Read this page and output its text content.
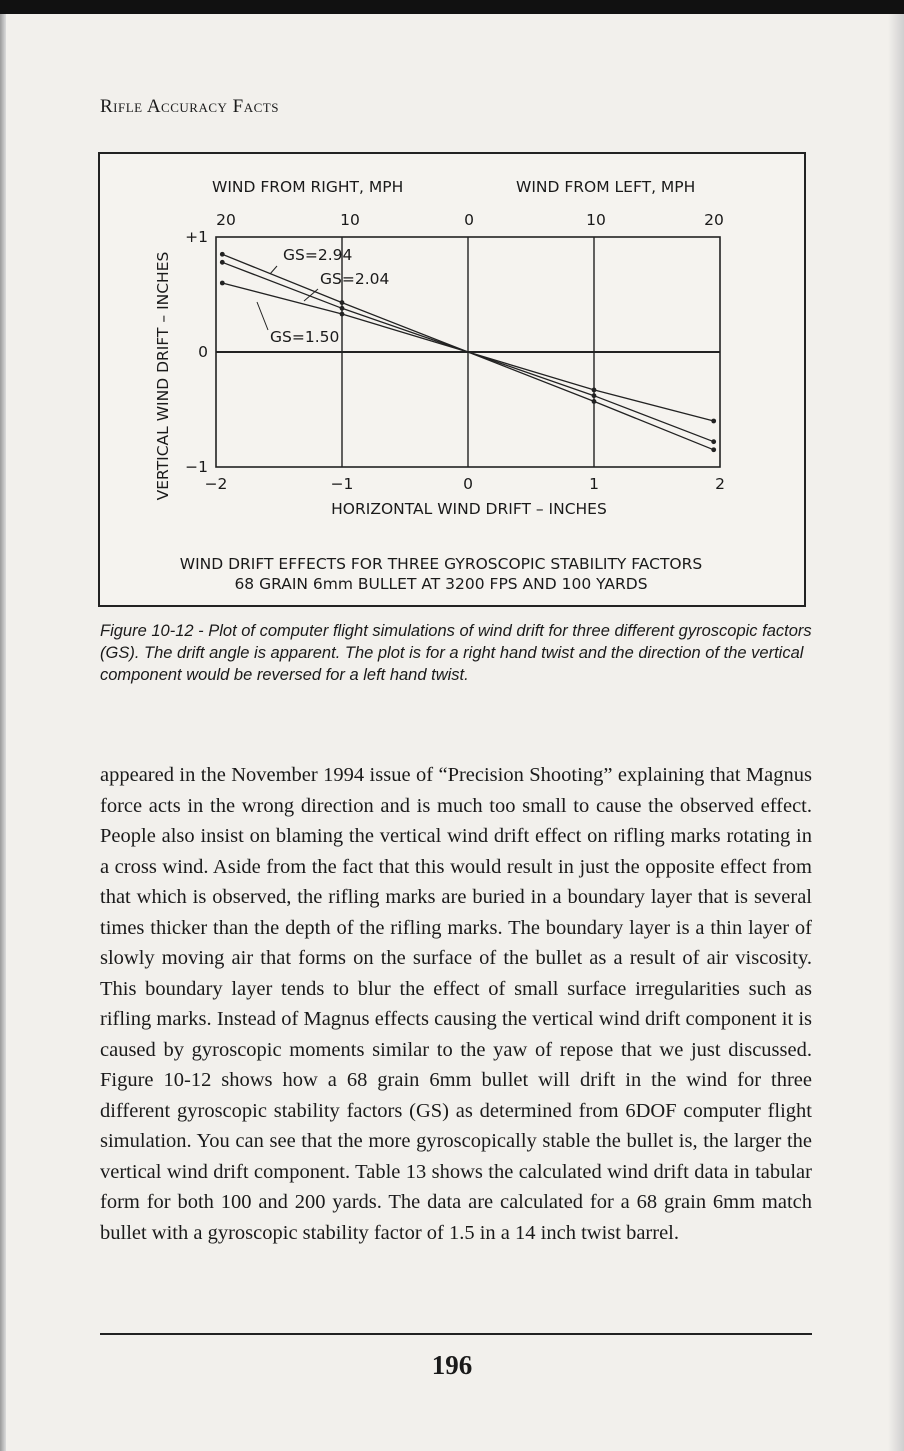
Rifle Accuracy Facts
WIND FROM RIGHT, MPH	WIND FROM LEFT, MPH
20	10	0	10	20
VERTICAL WIND DRIFT – INCHES
+1
0
−1
−2	−1	0	1	2
HORIZONTAL WIND DRIFT – INCHES
WIND DRIFT EFFECTS FOR THREE GYROSCOPIC STABILITY FACTORS
68 GRAIN 6mm BULLET AT 3200 FPS AND 100 YARDS
GS=2.94
GS=2.04
GS=1.50

Figure 10-12 - Plot of computer flight simulations of wind drift for three different gyroscopic factors (GS). The drift angle is apparent. The plot is for a right hand twist and the direction of the vertical component would be reversed for a left hand twist.

appeared in the November 1994 issue of “Precision Shooting” explaining that Magnus force acts in the wrong direction and is much too small to cause the observed effect. People also insist on blaming the vertical wind drift effect on rifling marks rotating in a cross wind. Aside from the fact that this would result in just the opposite effect from that which is observed, the rifling marks are buried in a boundary layer that is several times thicker than the depth of the rifling marks. The boundary layer is a thin layer of slowly moving air that forms on the surface of the bullet as a result of air viscosity. This boundary layer tends to blur the effect of small surface irregularities such as rifling marks. Instead of Magnus effects causing the vertical wind drift component it is caused by gyroscopic moments similar to the yaw of repose that we just discussed. Figure 10-12 shows how a 68 grain 6mm bullet will drift in the wind for three different gyroscopic stability factors (GS) as determined from 6DOF computer flight simulation. You can see that the more gyroscopically stable the bullet is, the larger the vertical wind drift component. Table 13 shows the calculated wind drift data in tabular form for both 100 and 200 yards. The data are calculated for a 68 grain 6mm match bullet with a gyroscopic stability factor of 1.5 in a 14 inch twist barrel.

196
